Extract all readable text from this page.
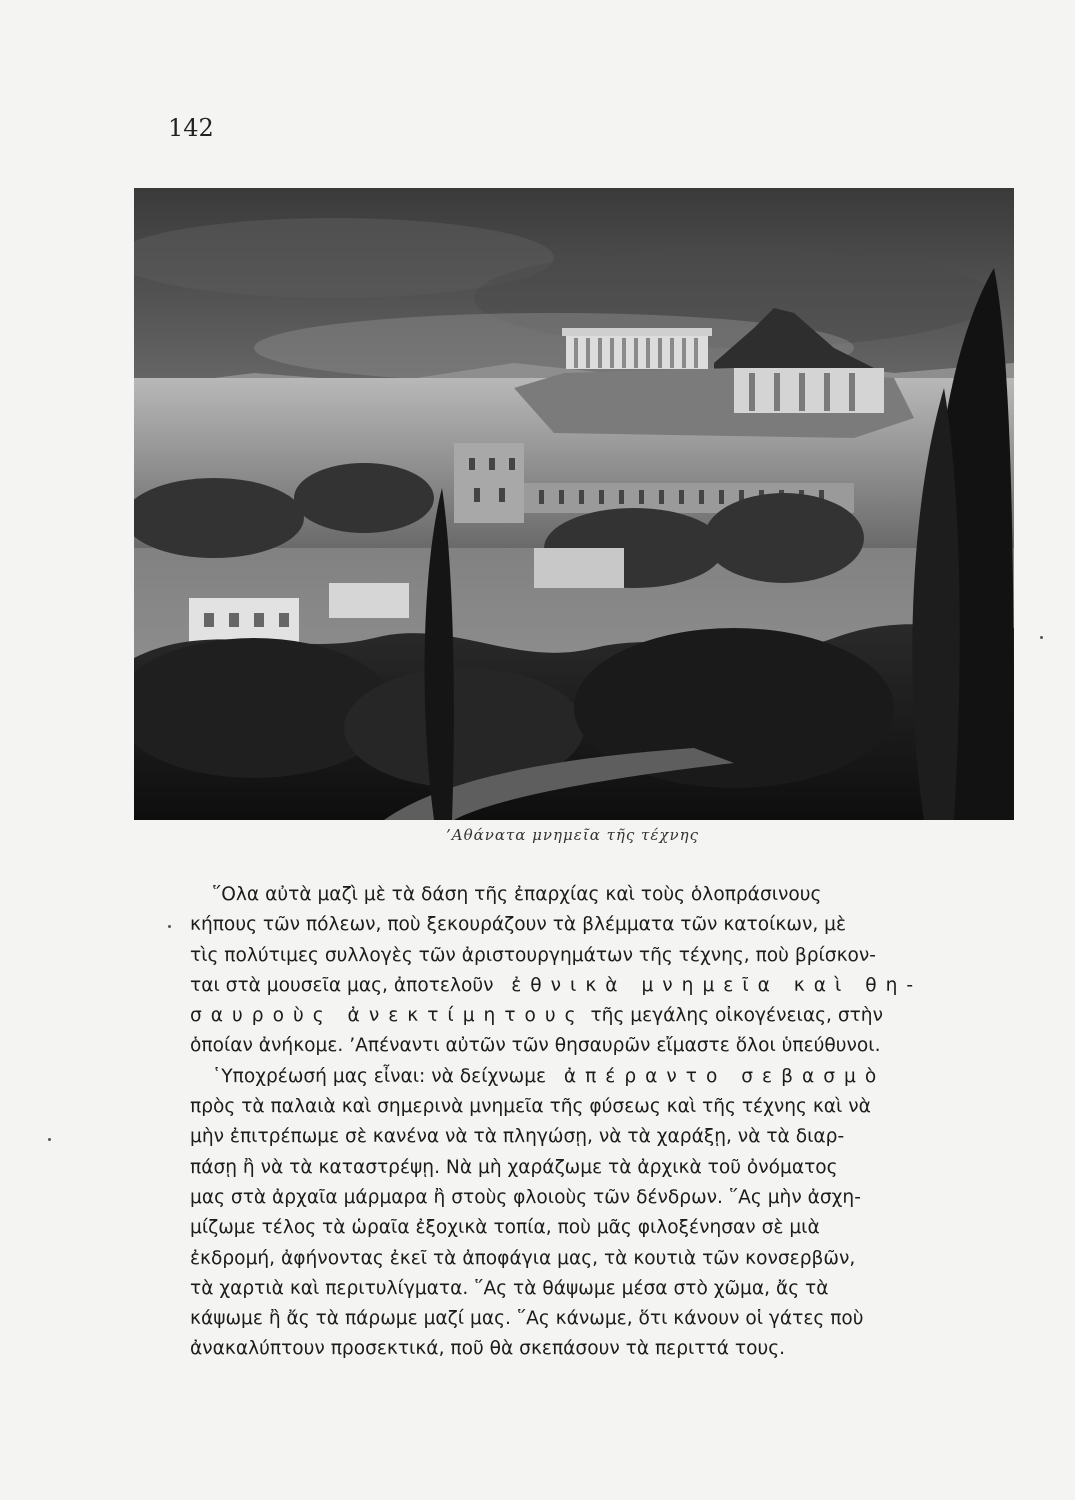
142
’Αθάνατα μνημεῖα τῆς τέχνης
῞Ολα αὐτὰ μαζὶ μὲ τὰ δάση τῆς ἐπαρχίας καὶ τοὺς ὁλοπράσινους
κήπους τῶν πόλεων, ποὺ ξεκουράζουν τὰ βλέμματα τῶν κατοίκων, μὲ
τὶς πολύτιμες συλλογὲς τῶν ἀριστουργημάτων τῆς τέχνης, ποὺ βρίσκον-
ται στὰ μουσεῖα μας, ἀποτελοῦν ἐθνικὰ μνημεῖα καὶ θη-
σαυροὺς ἀνεκτίμητους τῆς μεγάλης οἰκογένειας, στὴν
ὁποίαν ἀνήκομε. ’Απέναντι αὐτῶν τῶν θησαυρῶν εἴμαστε ὅλοι ὑπεύθυνοι.
῾Υποχρέωσή μας εἶναι: νὰ δείχνωμε ἀπέραντο σεβασμὸ
πρὸς τὰ παλαιὰ καὶ σημερινὰ μνημεῖα τῆς φύσεως καὶ τῆς τέχνης καὶ νὰ
μὴν ἐπιτρέπωμε σὲ κανένα νὰ τὰ πληγώσῃ, νὰ τὰ χαράξῃ, νὰ τὰ διαρ-
πάσῃ ἢ νὰ τὰ καταστρέψῃ. Νὰ μὴ χαράζωμε τὰ ἀρχικὰ τοῦ ὀνόματος
μας στὰ ἀρχαῖα μάρμαρα ἢ στοὺς φλοιοὺς τῶν δένδρων. ῞Ας μὴν ἀσχη-
μίζωμε τέλος τὰ ὡραῖα ἐξοχικὰ τοπία, ποὺ μᾶς φιλοξένησαν σὲ μιὰ
ἐκδρομή, ἀφήνοντας ἐκεῖ τὰ ἀποφάγια μας, τὰ κουτιὰ τῶν κονσερβῶν,
τὰ χαρτιὰ καὶ περιτυλίγματα. ῞Ας τὰ θάψωμε μέσα στὸ χῶμα, ἄς τὰ
κάψωμε ἢ ἄς τὰ πάρωμε μαζί μας. ῞Ας κάνωμε, ὅτι κάνουν οἱ γάτες ποὺ
ἀνακαλύπτουν προσεκτικά, ποῦ θὰ σκεπάσουν τὰ περιττά τους.
